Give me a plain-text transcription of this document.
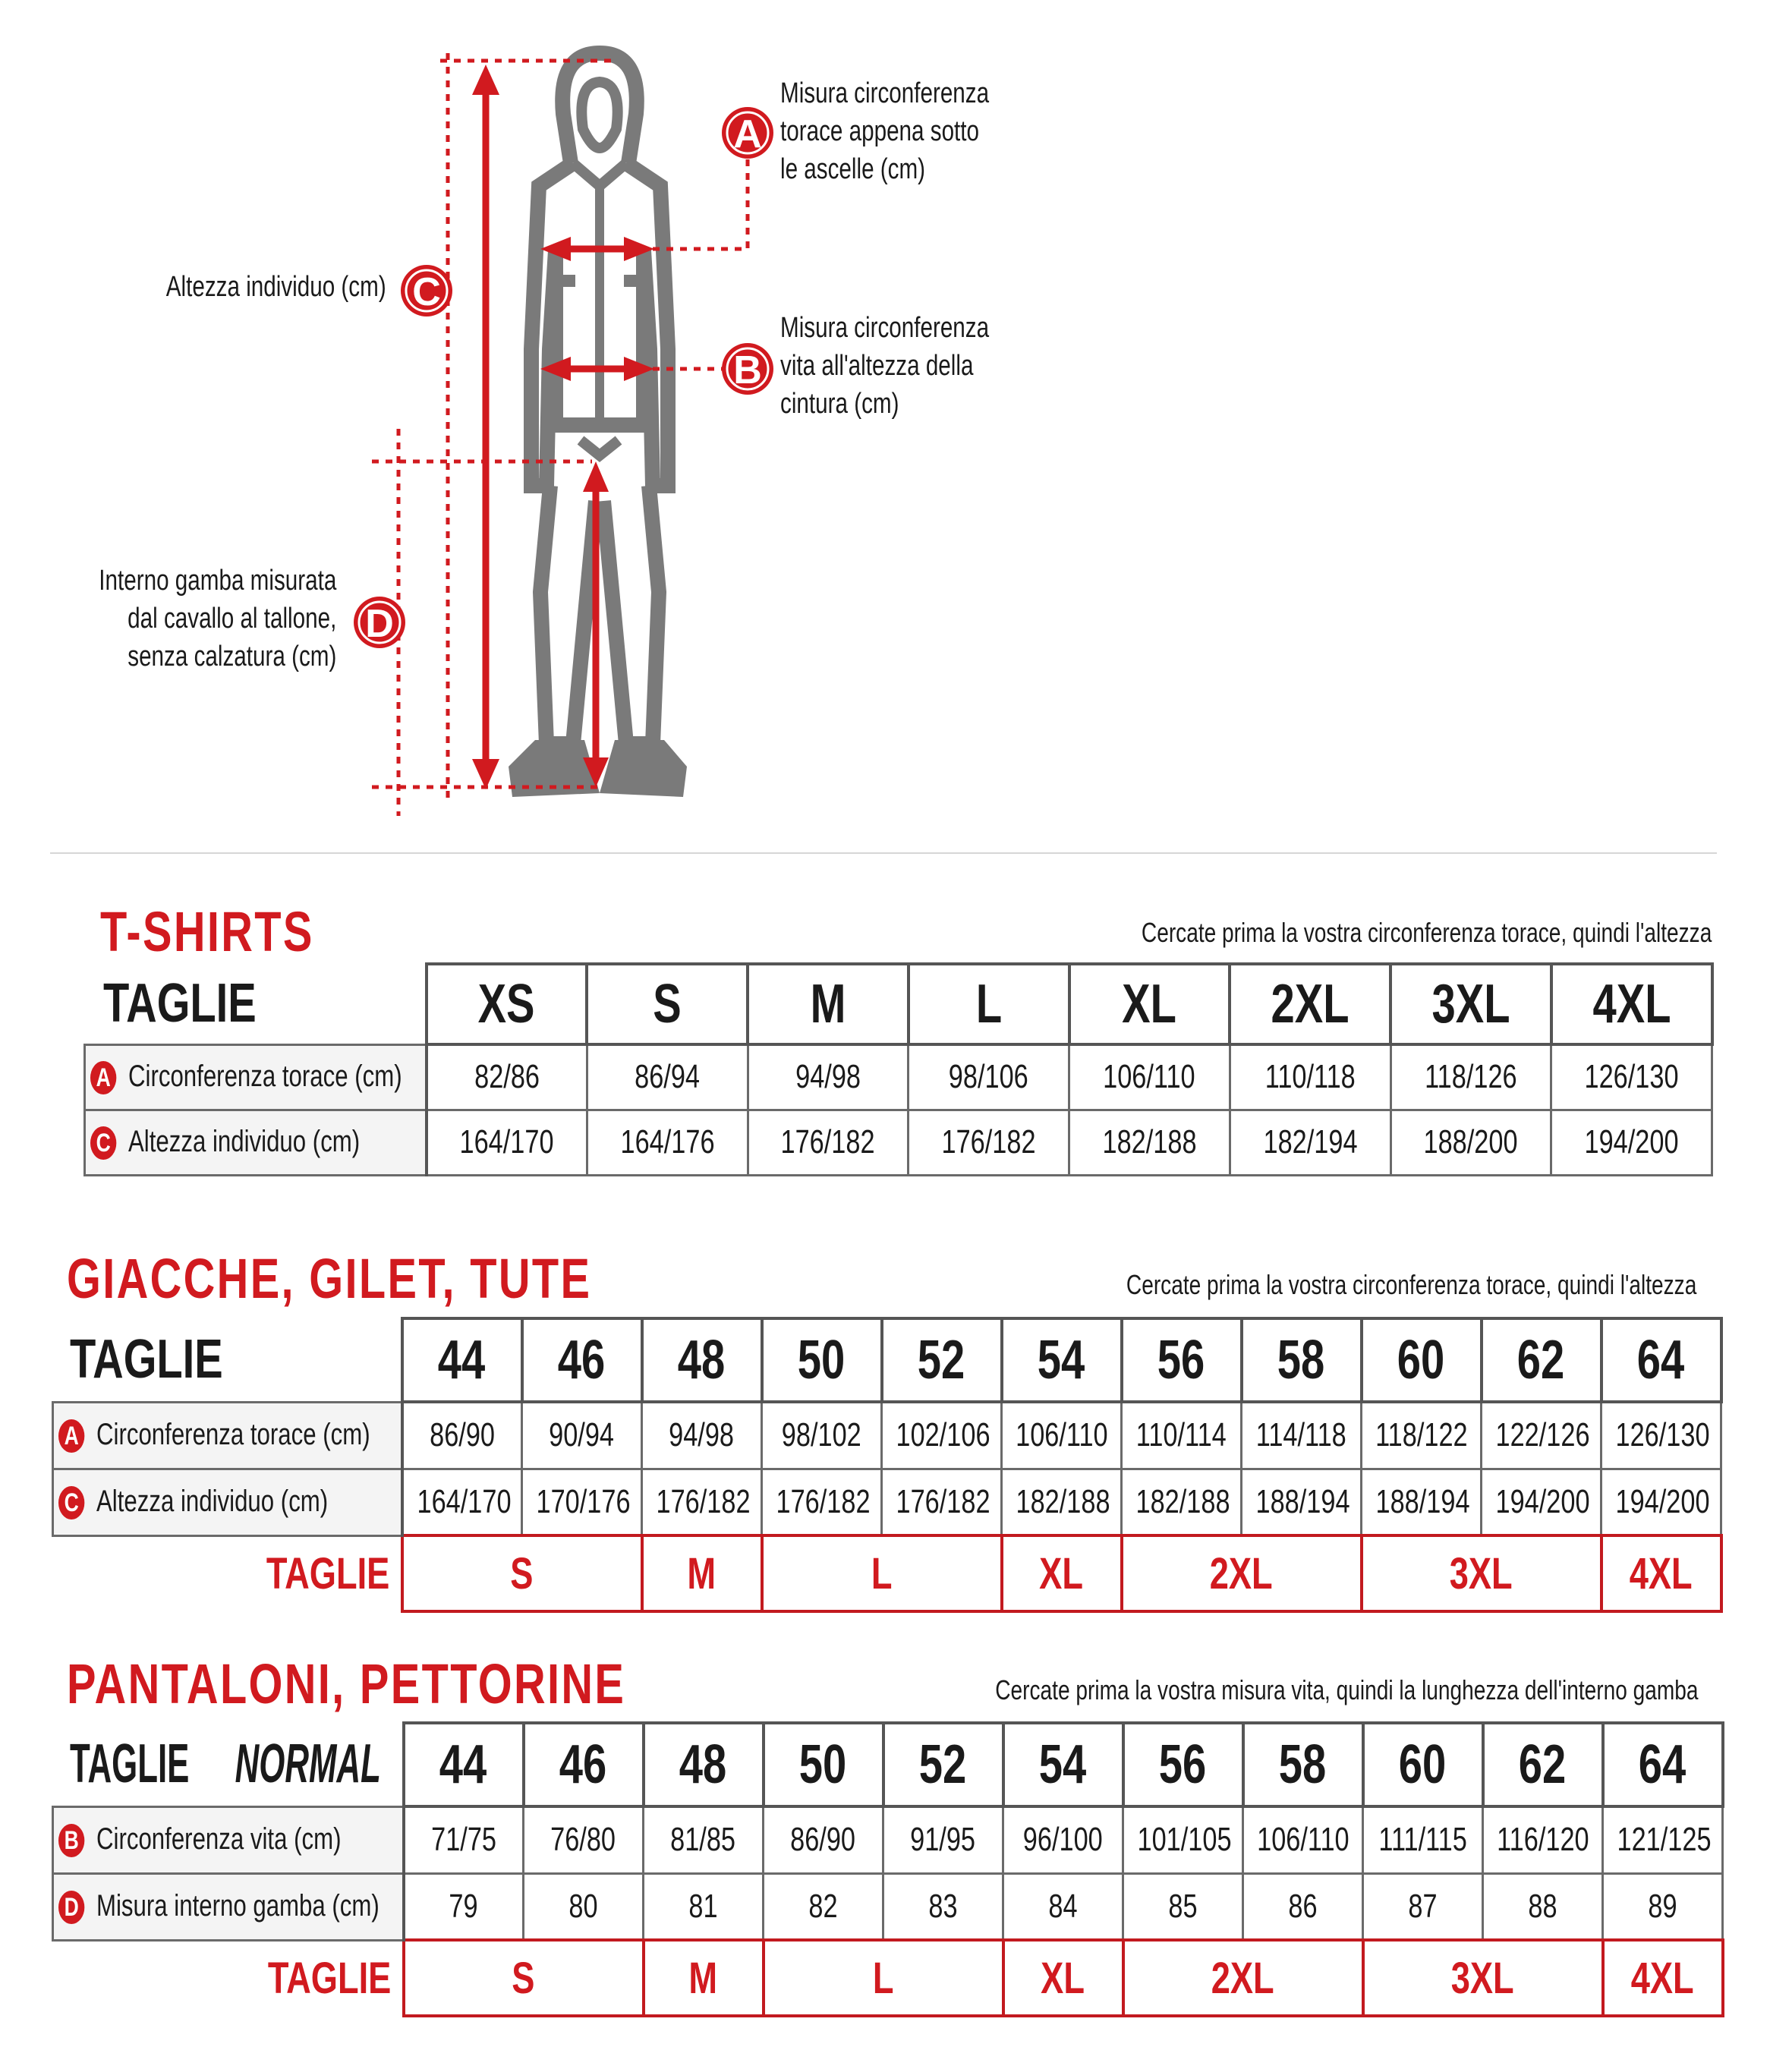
A
B
C
D
Misura circonferenza
torace appena sotto
le ascelle (cm)
Misura circonferenza
vita all'altezza della
cintura (cm)
Altezza individuo (cm)
Interno gamba misurata
dal cavallo al tallone,
senza calzatura (cm)
T-SHIRTS	Cercate prima la vostra circonferenza torace, quindi l'altezza
TAGLIE	XS	S	M	L	XL	2XL	3XL	4XL
A Circonferenza torace (cm)	82/86	86/94	94/98	98/106	106/110	110/118	118/126	126/130
C Altezza individuo (cm)	164/170	164/176	176/182	176/182	182/188	182/194	188/200	194/200
GIACCHE, GILET, TUTE	Cercate prima la vostra circonferenza torace, quindi l'altezza
TAGLIE	44	46	48	50	52	54	56	58	60	62	64
A Circonferenza torace (cm)	86/90	90/94	94/98	98/102	102/106	106/110	110/114	114/118	118/122	122/126	126/130
C Altezza individuo (cm)	164/170	170/176	176/182	176/182	176/182	182/188	182/188	188/194	188/194	194/200	194/200
TAGLIE	S		M	L		XL	2XL		3XL		4XL
PANTALONI, PETTORINE	Cercate prima la vostra misura vita, quindi la lunghezza dell'interno gamba
TAGLIE NORMAL	44	46	48	50	52	54	56	58	60	62	64
B Circonferenza vita (cm)	71/75	76/80	81/85	86/90	91/95	96/100	101/105	106/110	111/115	116/120	121/125
D Misura interno gamba (cm)	79	80	81	82	83	84	85	86	87	88	89
TAGLIE	S		M	L		XL	2XL		3XL		4XL
